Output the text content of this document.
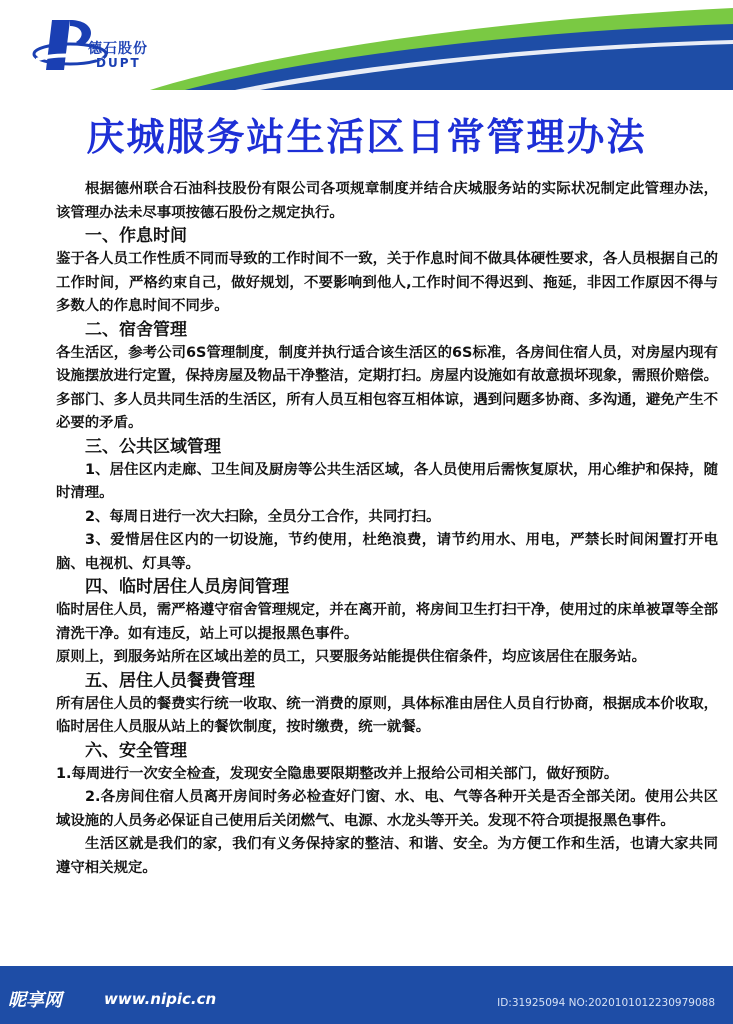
德石股份
DUPT
庆城服务站生活区日常管理办法

根据德州联合石油科技股份有限公司各项规章制度并结合庆城服务站的实际状况制定此管理办法，该管理办法未尽事项按德石股份之规定执行。

一、作息时间

鉴于各人员工作性质不同而导致的工作时间不一致，关于作息时间不做具体硬性要求，各人员根据自己的工作时间，严格约束自己，做好规划，不要影响到他人,工作时间不得迟到、拖延，非因工作原因不得与多数人的作息时间不同步。

二、宿舍管理

各生活区，参考公司6S管理制度，制度并执行适合该生活区的6S标准，各房间住宿人员，对房屋内现有设施摆放进行定置，保持房屋及物品干净整洁，定期打扫。房屋内设施如有故意损坏现象，需照价赔偿。

多部门、多人员共同生活的生活区，所有人员互相包容互相体谅，遇到问题多协商、多沟通，避免产生不必要的矛盾。

三、公共区域管理

1、居住区内走廊、卫生间及厨房等公共生活区域，各人员使用后需恢复原状，用心维护和保持，随时清理。

2、每周日进行一次大扫除，全员分工合作，共同打扫。

3、爱惜居住区内的一切设施，节约使用，杜绝浪费，请节约用水、用电，严禁长时间闲置打开电脑、电视机、灯具等。

四、临时居住人员房间管理

临时居住人员，需严格遵守宿舍管理规定，并在离开前，将房间卫生打扫干净，使用过的床单被罩等全部清洗干净。如有违反，站上可以提报黑色事件。

原则上，到服务站所在区域出差的员工，只要服务站能提供住宿条件，均应该居住在服务站。

五、居住人员餐费管理

所有居住人员的餐费实行统一收取、统一消费的原则，具体标准由居住人员自行协商，根据成本价收取，临时居住人员服从站上的餐饮制度，按时缴费，统一就餐。

六、安全管理

1.每周进行一次安全检查，发现安全隐患要限期整改并上报给公司相关部门，做好预防。

2.各房间住宿人员离开房间时务必检查好门窗、水、电、气等各种开关是否全部关闭。使用公共区域设施的人员务必保证自己使用后关闭燃气、电源、水龙头等开关。发现不符合项提报黑色事件。

生活区就是我们的家，我们有义务保持家的整洁、和谐、安全。为方便工作和生活，也请大家共同遵守相关规定。

昵享网	www.nipic.cn	ID:31925094 NO:20201010122309790​88
